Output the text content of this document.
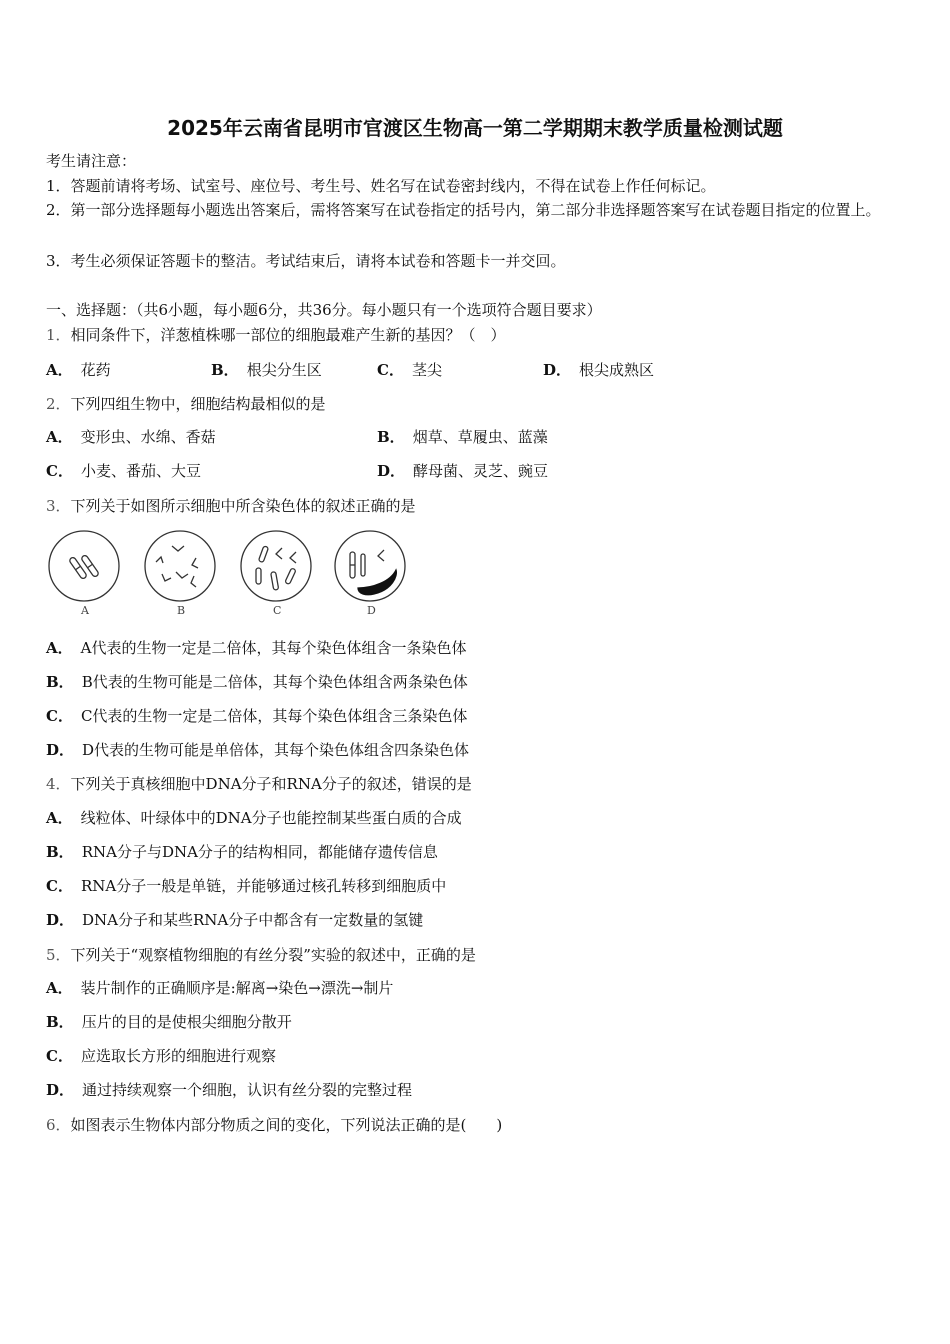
2025年云南省昆明市官渡区生物高一第二学期期末教学质量检测试题
考生请注意：
1．答题前请将考场、试室号、座位号、考生号、姓名写在试卷密封线内，不得在试卷上作任何标记。
2．第一部分选择题每小题选出答案后，需将答案写在试卷指定的括号内，第二部分非选择题答案写在试卷题目指定的位置上。
3．考生必须保证答题卡的整洁。考试结束后，请将本试卷和答题卡一并交回。
一、选择题：（共6小题，每小题6分，共36分。每小题只有一个选项符合题目要求）
1．相同条件下，洋葱植株哪一部位的细胞最难产生新的基因？（　）
A． 花药	B． 根尖分生区	C． 茎尖	D． 根尖成熟区
2．下列四组生物中，细胞结构最相似的是
A． 变形虫、水绵、香菇	B． 烟草、草履虫、蓝藻
C． 小麦、番茄、大豆	D． 酵母菌、灵芝、豌豆
3．下列关于如图所示细胞中所含染色体的叙述正确的是
A	B	C	D
A． A代表的生物一定是二倍体，其每个染色体组含一条染色体
B． B代表的生物可能是二倍体，其每个染色体组含两条染色体
C． C代表的生物一定是二倍体，其每个染色体组含三条染色体
D． D代表的生物可能是单倍体，其每个染色体组含四条染色体
4．下列关于真核细胞中DNA分子和RNA分子的叙述，错误的是
A． 线粒体、叶绿体中的DNA分子也能控制某些蛋白质的合成
B． RNA分子与DNA分子的结构相同，都能储存遗传信息
C． RNA分子一般是单链，并能够通过核孔转移到细胞质中
D． DNA分子和某些RNA分子中都含有一定数量的氢键
5．下列关于“观察植物细胞的有丝分裂”实验的叙述中，正确的是
A． 装片制作的正确顺序是:解离→染色→漂洗→制片
B． 压片的目的是使根尖细胞分散开
C． 应选取长方形的细胞进行观察
D． 通过持续观察一个细胞，认识有丝分裂的完整过程
6．如图表示生物体内部分物质之间的变化，下列说法正确的是(　　)
